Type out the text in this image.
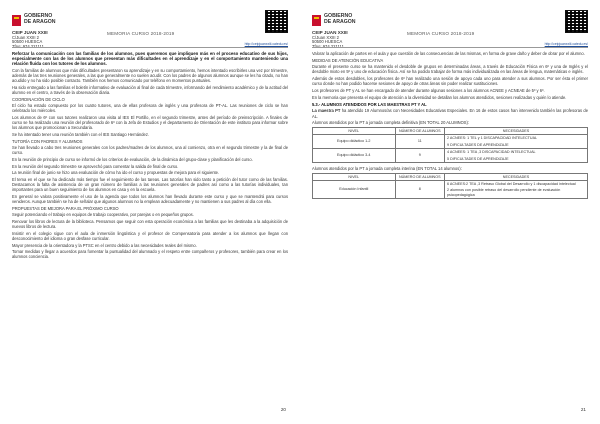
GOBIERNO
DE ARAGON
CEIP JUAN XXIII
C/Juan XXIII 2
50500 HUESCA
Tfno: 974 221111
MEMORIA CURSO 2018-2019
http://ceipjuanxxiii.catedu.es/

Reforzar la comunicación con las familias de los alumnos, pues queremos que impliquen más en el proceso educativo de sus hijos, especialmente con las de los alumnos que presentan más dificultades en el aprendizaje y en el comportamiento manteniendo una relación fluida con los tutores de los alumnos.

Con la familias de alumnos que más dificultades presentaron su aprendizaje y en su comportamiento, hemos intentado escribirles una vez por trimestre, además de las tres reuniones generales, a las que generalmente no suelen acudir. Con los padres de algunos alumnos aunque se les ha citado, no han acudido y no ha sido posible contacto. También nos hemos comunicado por teléfono en momentos puntuales.

Ha sido entregado a las familias el boletín informativo de evaluación al final de cada trimestre, informando del rendimiento académico y de la actitud del alumno en el centro, a través de la observación diaria.

COORDINACIÓN DE CICLO

El ciclo ha estado compuesto por los cuatro tutores, una de ellas profesora de inglés y una profesora de PT-AL. Las reuniones de ciclo se han celebrado los miércoles.

Los alumnos de 6º con sus tutores realizaron una visita al IES El Portillo, en el segundo trimestre, antes del período de preinscripción. A finales de curso se ha realizado una reunión del profesorado de 6º con la Jefa de Estudios y el departamento de Orientación de este instituto para informar sobre los alumnos que promocionan a Secundaria.

Se ha intentado tener una reunión también con el IES Santiago Hernández.

TUTORÍA CON PADRES Y ALUMNOS

Se han llevado a cabo tres reuniones generales con los padres/madres de los alumnos, una al comienzo, otra en el segundo trimestre y la de final de curso.

En la reunión de principio de curso se informó de los criterios de evaluación, de la dinámica del grupo-clase y planificación del curso.

En la reunión del segundo trimestre se aprovechó para comentar la salida de final de curso.

La reunión final de junio se hizo una evaluación de cómo ha ido el curso y propuestas de mejora para el siguiente.

El tema en el que se ha dedicado más tiempo fue el seguimiento de las tareas. Las tutorías han sido tanto a petición del tutor como de las familias. Destacamos la falta de asistencia de un gran número de familias a las reuniones generales de padres así como a las tutorías individuales, tan importantes para un buen seguimiento de los alumnos en casa y en la escuela.

En general se valora positivamente el uso de la agenda que todos los alumnos han llevado durante este curso y que se mantendrá para cursos venideros. Aunque también se ha de señalar que algunos alumnos no la emplean adecuadamente y no mantienen a sus padres al día con ella.

PROPUESTAS DE MEJORA PARA EL PRÓXIMO CURSO

Seguir potenciando el trabajo en equipos de trabajo cooperativo, por parejas o en pequeños grupos.

Renovar los libros de lectura de la biblioteca. Pensamos que seguir con esta operación económica a las familias que les destinaba a la adquisición de nuevos libros de lectura.

Insistir en el colegio sigue con el aula de inmersión lingüística y el profesor de Compensatoria para atender a los alumnos que llegan con desconocimiento del idioma o gran desfase curricular.

Mayor presencia de la orientadora y la PTSC en el centro debido a las necesidades reales del mismo.

Tomar medidas y llegar a acuerdos para fomentar la puntualidad del alumnado y el respeto entre compañeros y profesores, también para crear en los alumnos conciencia.

20
GOBIERNO
DE ARAGON
CEIP JUAN XXIII
C/Juan XXIII 2
50500 HUESCA
Tfno: 974 221111
MEMORIA CURSO 2018-2019
http://ceipjuanxxiii.catedu.es/

Valorar la aplicación de partes en el aula y que cuestión de las consecuencias de las mismas, en forma de grave daño y deber de obrar por el alumno.

MEDIDAS DE ATENCIÓN EDUCATIVA

Durante el presente curso se ha mantenido el desdoble de grupos en determinadas áreas, a través de Educación Física en 6º y una de Inglés y el desdoble mixto en 5º y uno de educación física. Así se ha podido trabajar de forma más individualizada en las áreas de lengua, matemáticas e inglés.

Además de estos desdobles, los profesores de 6º han realizado una sesión de apoyo cada uno para atender a sus alumnos. Por ser ésta el primer curso donde no han podido hacerse sesiones de apoyo de otras áreas sin poder realizar sustituciones.

Los profesores de PT y AL se han encargado de atender durante algunas sesiones a los alumnos ACNEE y ACNEAE de 5º y 6º.

En la memoria que presenta el equipo de atención a la diversidad se detallan los alumnos atendidos, sesiones realizadas y quién lo atiende.

5.3.- ALUMNOS ATENDIDOS POR LAS MAESTRAS PT Y AL

La maestra PT ha atendido 19 Alumnos/as con Necesidades Educativas Especiales. En 16 de estos casos han intervenido también las profesoras de AL.

Alumnos atendidos por la PT a jornada completa definitiva (EN TOTAL 20 ALUMNOS):

NIVEL	NÚMERO DE ALUMNOS	NECESIDADES
Equipo didáctico 1-2	11	2 ACNEES: 1 TEL y 1 DISCAPACIDAD INTELECTUAL
9 DIFICULTADES DE APRENDIZAJE

Equipo didáctico 3-4	9	4 ACNEES: 1 TEA ,3 DISCAPACIDAD INTELECTUAL
5 DIFICULTADES DE APRENDIZAJE

Alumnos atendidos por la PT a jornada completa interina (EN TOTAL 14 alumnos):

NIVEL	NÚMERO DE ALUMNOS	NECESIDADES
Educación Infantil	8	6 ACNEES:2 TEA ,3 Retraso Global del Desarrollo y 1 discapacidad intelectual
2 alumnos con posible retraso del desarrollo pendiente de evaluación psicopedagógica
21
